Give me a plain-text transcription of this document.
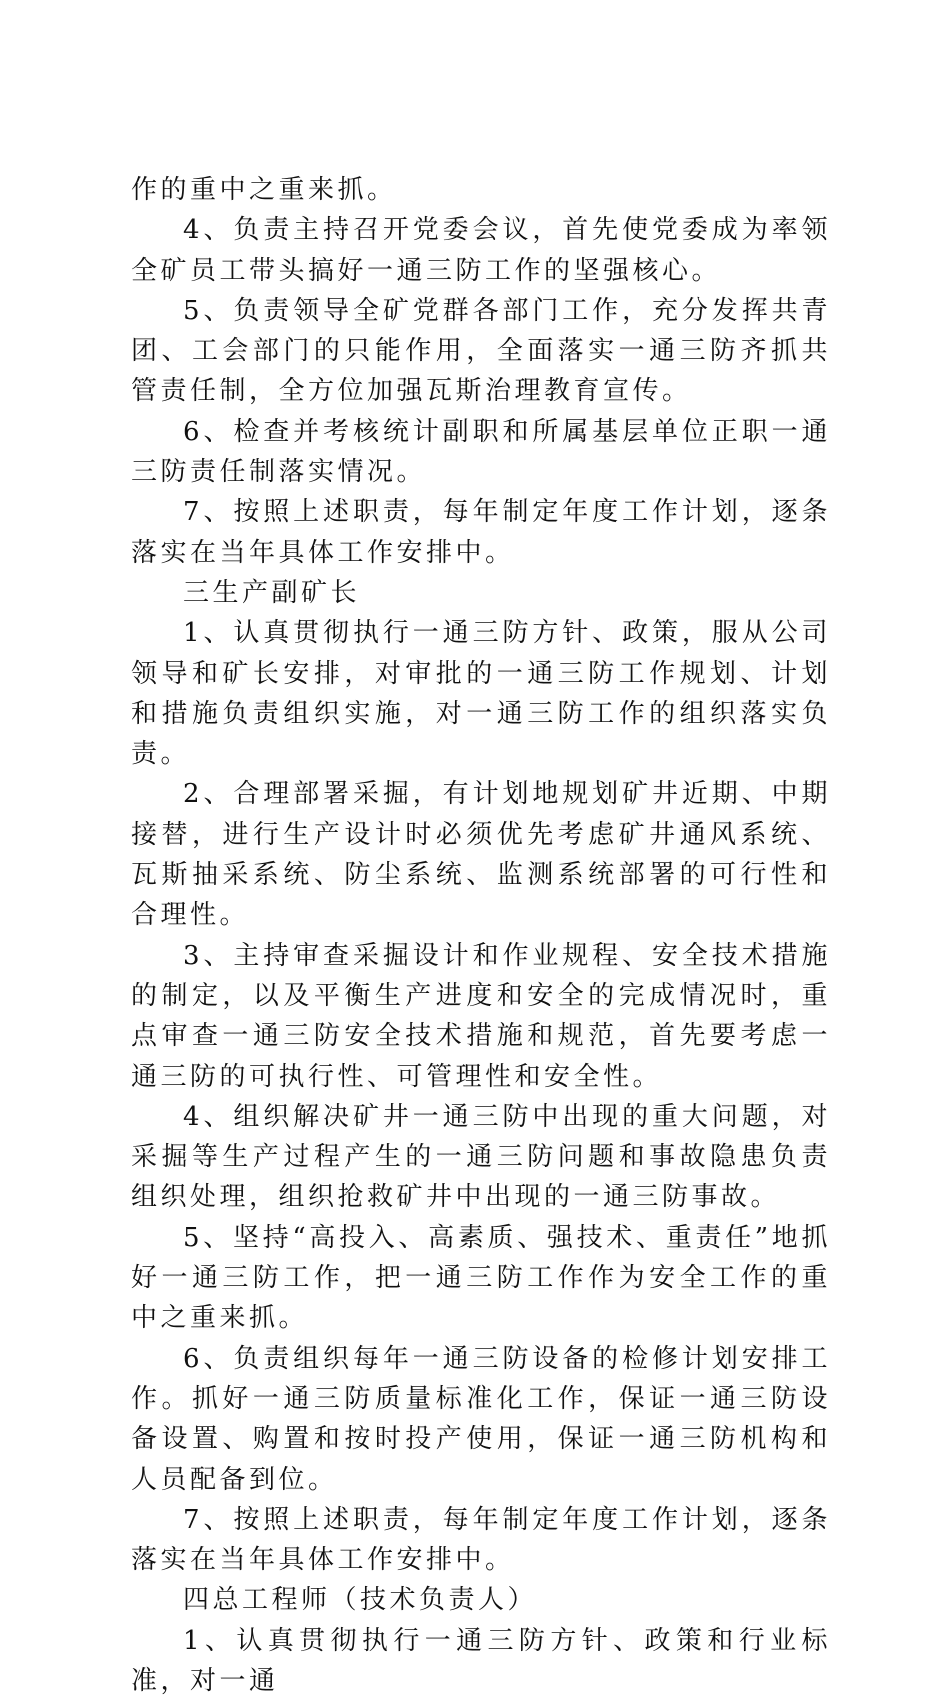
作的重中之重来抓。

4、负责主持召开党委会议，首先使党委成为率领全矿员工带头搞好一通三防工作的坚强核心。

5、负责领导全矿党群各部门工作，充分发挥共青团、工会部门的只能作用，全面落实一通三防齐抓共管责任制，全方位加强瓦斯治理教育宣传。

6、检查并考核统计副职和所属基层单位正职一通三防责任制落实情况。

7、按照上述职责，每年制定年度工作计划，逐条落实在当年具体工作安排中。

三生产副矿长

1、认真贯彻执行一通三防方针、政策，服从公司领导和矿长安排，对审批的一通三防工作规划、计划和措施负责组织实施，对一通三防工作的组织落实负责。

2、合理部署采掘，有计划地规划矿井近期、中期接替，进行生产设计时必须优先考虑矿井通风系统、瓦斯抽采系统、防尘系统、监测系统部署的可行性和合理性。

3、主持审查采掘设计和作业规程、安全技术措施的制定，以及平衡生产进度和安全的完成情况时，重点审查一通三防安全技术措施和规范，首先要考虑一通三防的可执行性、可管理性和安全性。

4、组织解决矿井一通三防中出现的重大问题，对采掘等生产过程产生的一通三防问题和事故隐患负责组织处理，组织抢救矿井中出现的一通三防事故。

5、坚持“高投入、高素质、强技术、重责任”地抓好一通三防工作，把一通三防工作作为安全工作的重中之重来抓。

6、负责组织每年一通三防设备的检修计划安排工作。抓好一通三防质量标准化工作，保证一通三防设备设置、购置和按时投产使用，保证一通三防机构和人员配备到位。

7、按照上述职责，每年制定年度工作计划，逐条落实在当年具体工作安排中。

四总工程师（技术负责人）

1、认真贯彻执行一通三防方针、政策和行业标准，对一通
